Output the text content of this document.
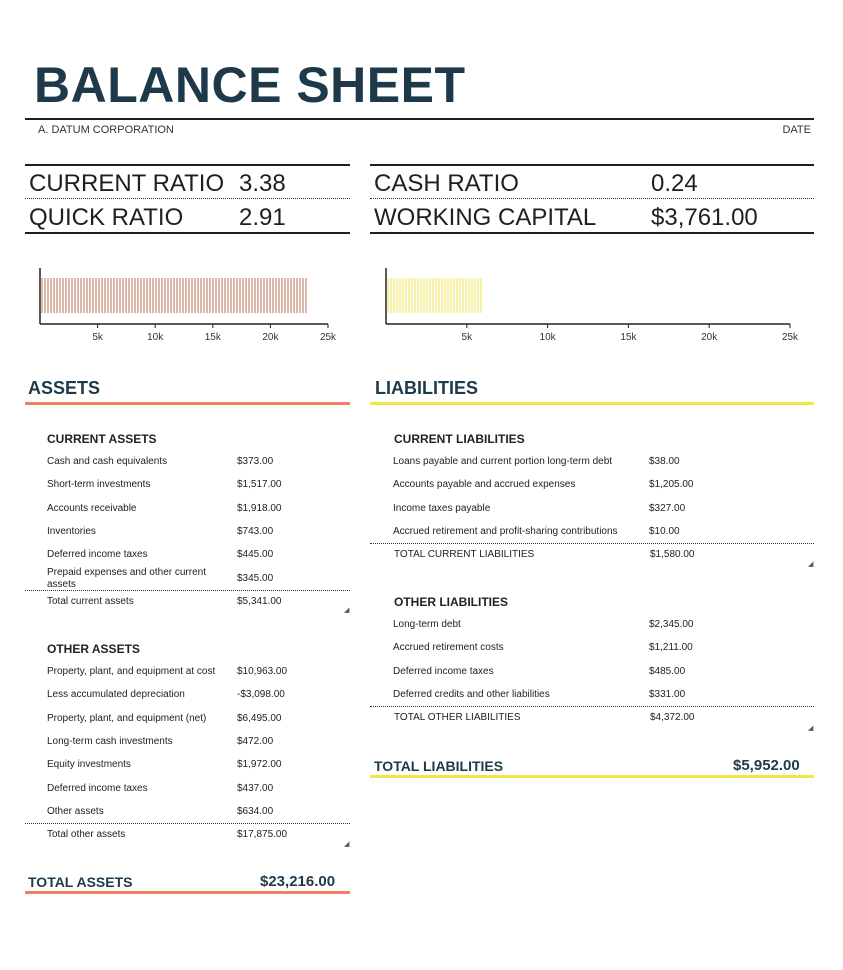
BALANCE SHEET
A. DATUM CORPORATION	DATE
CURRENT RATIO 3.38
QUICK RATIO 2.91
CASH RATIO	0.24
WORKING CAPITAL $3,761.00
5k	10k	15k	20k	25k	5k	10k	15k	20k	25k
ASSETS
CURRENT ASSETS
Cash and cash equivalents	$373.00
Short-term investments	$1,517.00
Accounts receivable	$1,918.00
Inventories	$743.00
Deferred income taxes	$445.00
Prepaid expenses and other current assets
$345.00
Total current assets	$5,341.00
◢
OTHER ASSETS
Property, plant, and equipment at cost	$10,963.00
Less accumulated depreciation	-$3,098.00
Property, plant, and equipment (net)	$6,495.00
Long-term cash investments	$472.00
Equity investments	$1,972.00
Deferred income taxes	$437.00
Other assets	$634.00
Total other assets	$17,875.00
◢
TOTAL ASSETS	$23,216.00
LIABILITIES
CURRENT LIABILITIES
Loans payable and current portion long-term debt	$38.00
Accounts payable and accrued expenses	$1,205.00
Income taxes payable	$327.00
Accrued retirement and profit-sharing contributions	$10.00
TOTAL CURRENT LIABILITIES	$1,580.00
◢
OTHER LIABILITIES
Long-term debt	$2,345.00
Accrued retirement costs	$1,211.00
Deferred income taxes	$485.00
Deferred credits and other liabilities	$331.00
TOTAL OTHER LIABILITIES	$4,372.00
◢
TOTAL LIABILITIES	$5,952.00
